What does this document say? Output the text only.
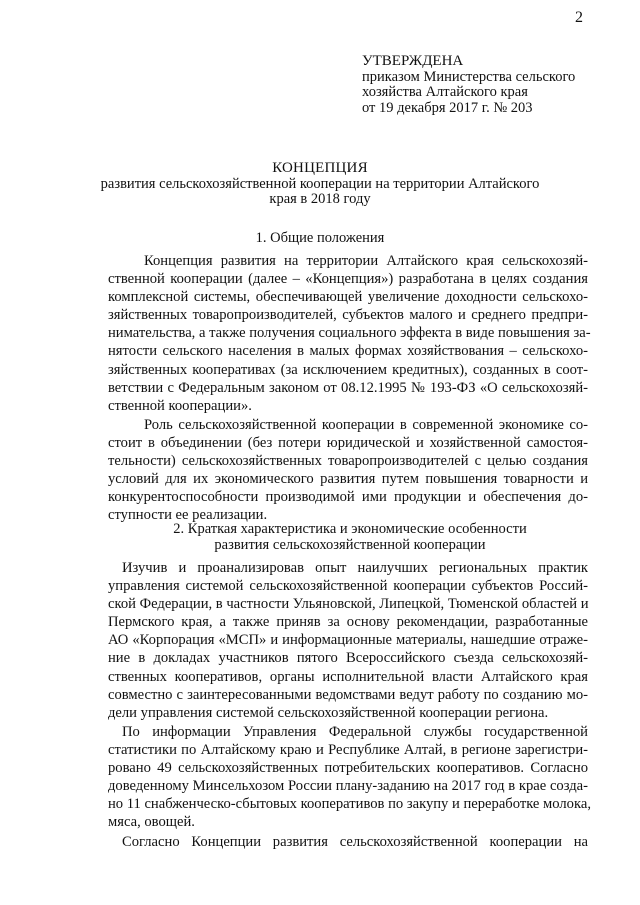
2
УТВЕРЖДЕНА
приказом Министерства сельского
хозяйства Алтайского края
от 19 декабря 2017 г. № 203
КОНЦЕПЦИЯ
развития сельскохозяйственной кооперации на территории Алтайского
края в 2018 году
1. Общие положения
Концепция развития на территории Алтайского края сельскохозяй-
ственной кооперации (далее – «Концепция») разработана в целях создания
комплексной системы, обеспечивающей увеличение доходности сельскохо-
зяйственных товаропроизводителей, субъектов малого и среднего предпри-
нимательства, а также получения социального эффекта в виде повышения за-
нятости сельского населения в малых формах хозяйствования – сельскохо-
зяйственных кооперативах (за исключением кредитных), созданных в соот-
ветствии с Федеральным законом от 08.12.1995 № 193-ФЗ «О сельскохозяй-
ственной кооперации».
Роль сельскохозяйственной кооперации в современной экономике со-
стоит в объединении (без потери юридической и хозяйственной самостоя-
тельности) сельскохозяйственных товаропроизводителей с целью создания
условий для их экономического развития путем повышения товарности и
конкурентоспособности производимой ими продукции и обеспечения до-
ступности ее реализации.
2. Краткая характеристика и экономические особенности
развития сельскохозяйственной кооперации
Изучив и проанализировав опыт наилучших региональных практик
управления системой сельскохозяйственной кооперации субъектов Россий-
ской Федерации, в частности Ульяновской, Липецкой, Тюменской областей и
Пермского края, а также приняв за основу рекомендации, разработанные
АО «Корпорация «МСП» и информационные материалы, нашедшие отраже-
ние в докладах участников пятого Всероссийского съезда сельскохозяй-
ственных кооперативов, органы исполнительной власти Алтайского края
совместно с заинтересованными ведомствами ведут работу по созданию мо-
дели управления системой сельскохозяйственной кооперации региона.
По информации Управления Федеральной службы государственной
статистики по Алтайскому краю и Республике Алтай, в регионе зарегистри-
ровано 49 сельскохозяйственных потребительских кооперативов. Согласно
доведенному Минсельхозом России плану-заданию на 2017 год в крае созда-
но 11 снабженческо-сбытовых кооперативов по закупу и переработке молока,
мяса, овощей.
Согласно Концепции развития сельскохозяйственной кооперации на
